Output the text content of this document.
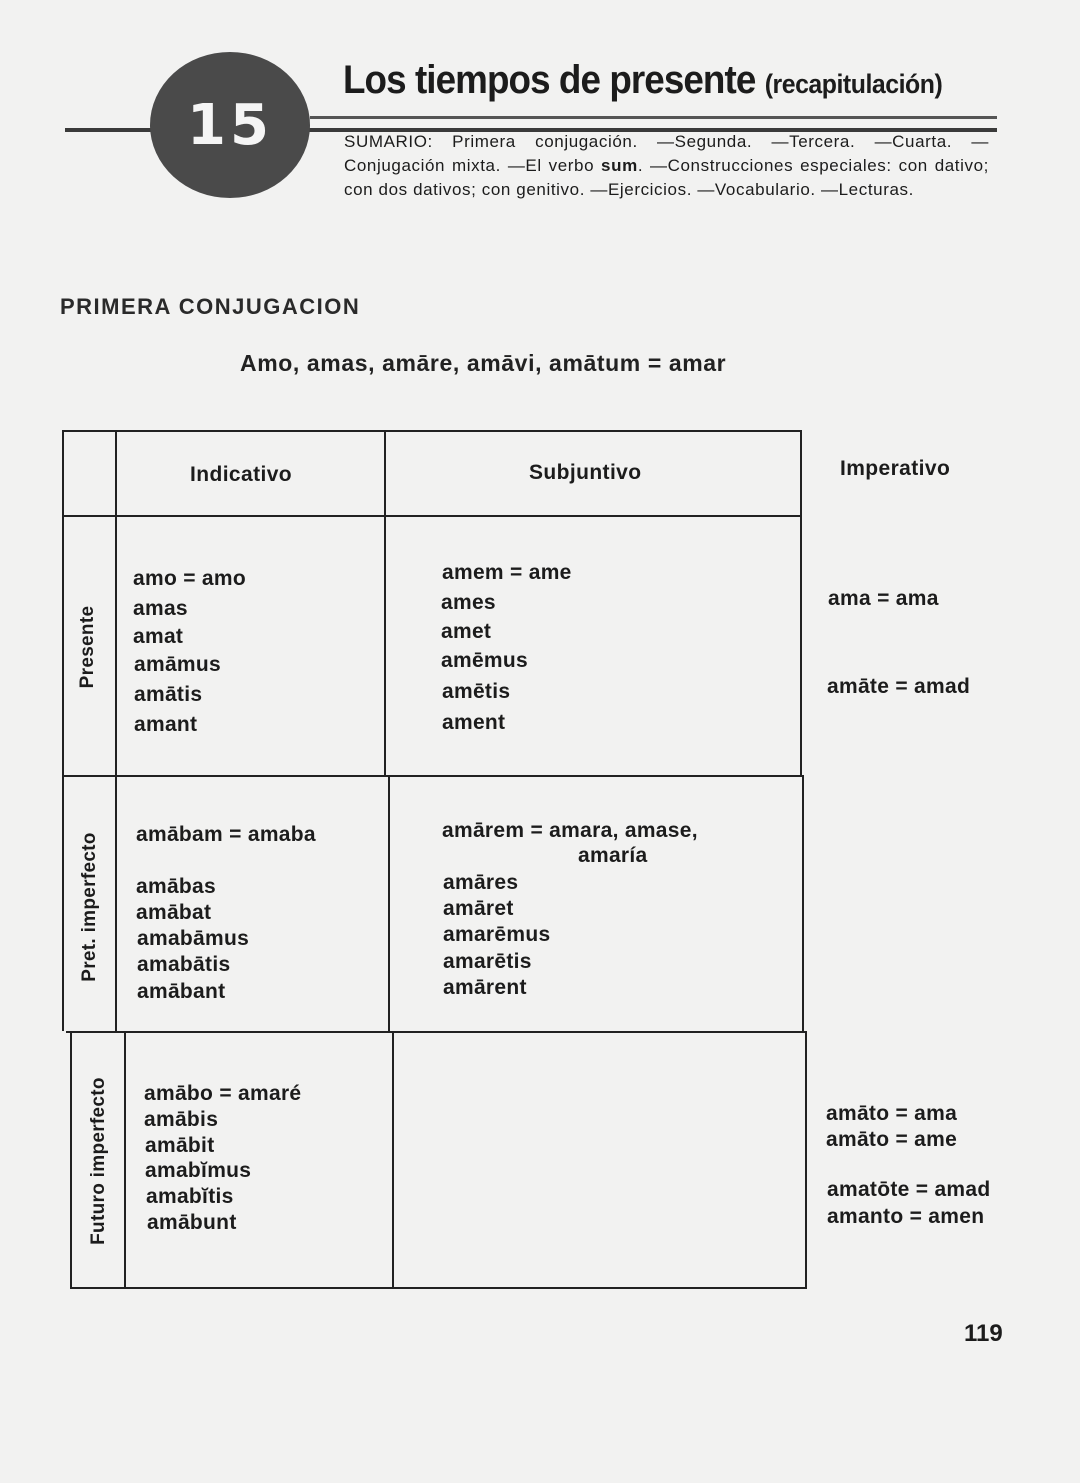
15
Los tiempos de presente (recapitulación)
SUMARIO: Primera conjugación. —Segunda. —Tercera. —Cuarta. —Conjugación mixta. —El verbo sum. —Construcciones especiales: con dativo; con dos dativos; con genitivo. —Ejercicios. —Vocabulario. —Lecturas.
PRIMERA CONJUGACION
Amo, amas, amāre, amāvi, amātum = amar
Indicativo	Subjuntivo	Imperativo
Presente
Pret. imperfecto
Futuro imperfecto
amo = amo
amas
amat
amāmus
amātis
amant
amem = ame
ames
amet
amēmus
amētis
ament
ama = ama
amāte = amad
amābam = amaba
amābas
amābat
amabāmus
amabātis
amābant
amārem = amara, amase,
amaría
amāres
amāret
amarēmus
amarētis
amārent
amābo = amaré
amābis
amābit
amabĭmus
amabĭtis
amābunt
amāto = ama
amāto = ame
amatōte = amad
amanto = amen
119
